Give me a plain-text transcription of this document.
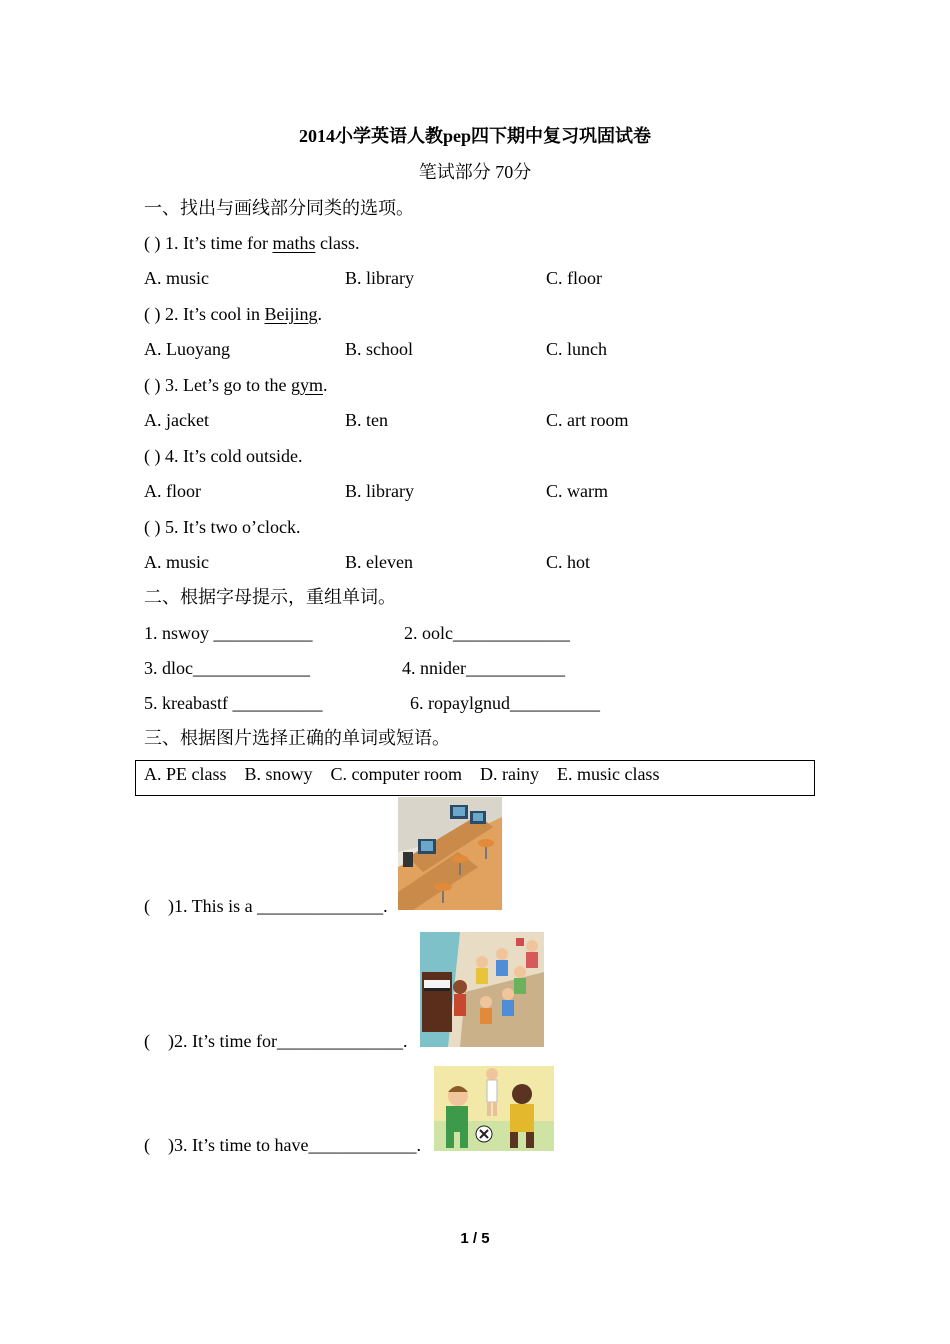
2014小学英语人教pep四下期中复习巩固试卷
笔试部分 70分
一、找出与画线部分同类的选项。
( ) 1. It’s time for maths class.
A. music	B. library	C. floor
( ) 2. It’s cool in Beijing.
A. Luoyang	B. school	C. lunch
( ) 3. Let’s go to the gym.
A. jacket	B. ten	C. art room
( ) 4. It’s cold outside.
A. floor	B. library	C. warm
( ) 5. It’s two o’clock.
A. music	B. eleven	C. hot
二、根据字母提示，重组单词。
1. nswoy ___________	2. oolc_____________
3. dloc_____________	4. nnider___________
5. kreabastf __________	6. ropaylgnud__________
三、根据图片选择正确的单词或短语。
A. PE class    B. snowy    C. computer room    D. rainy    E. music class
(    )1. This is a ______________.
(    )2. It’s time for______________.
(    )3. It’s time to have____________.
1 / 5
